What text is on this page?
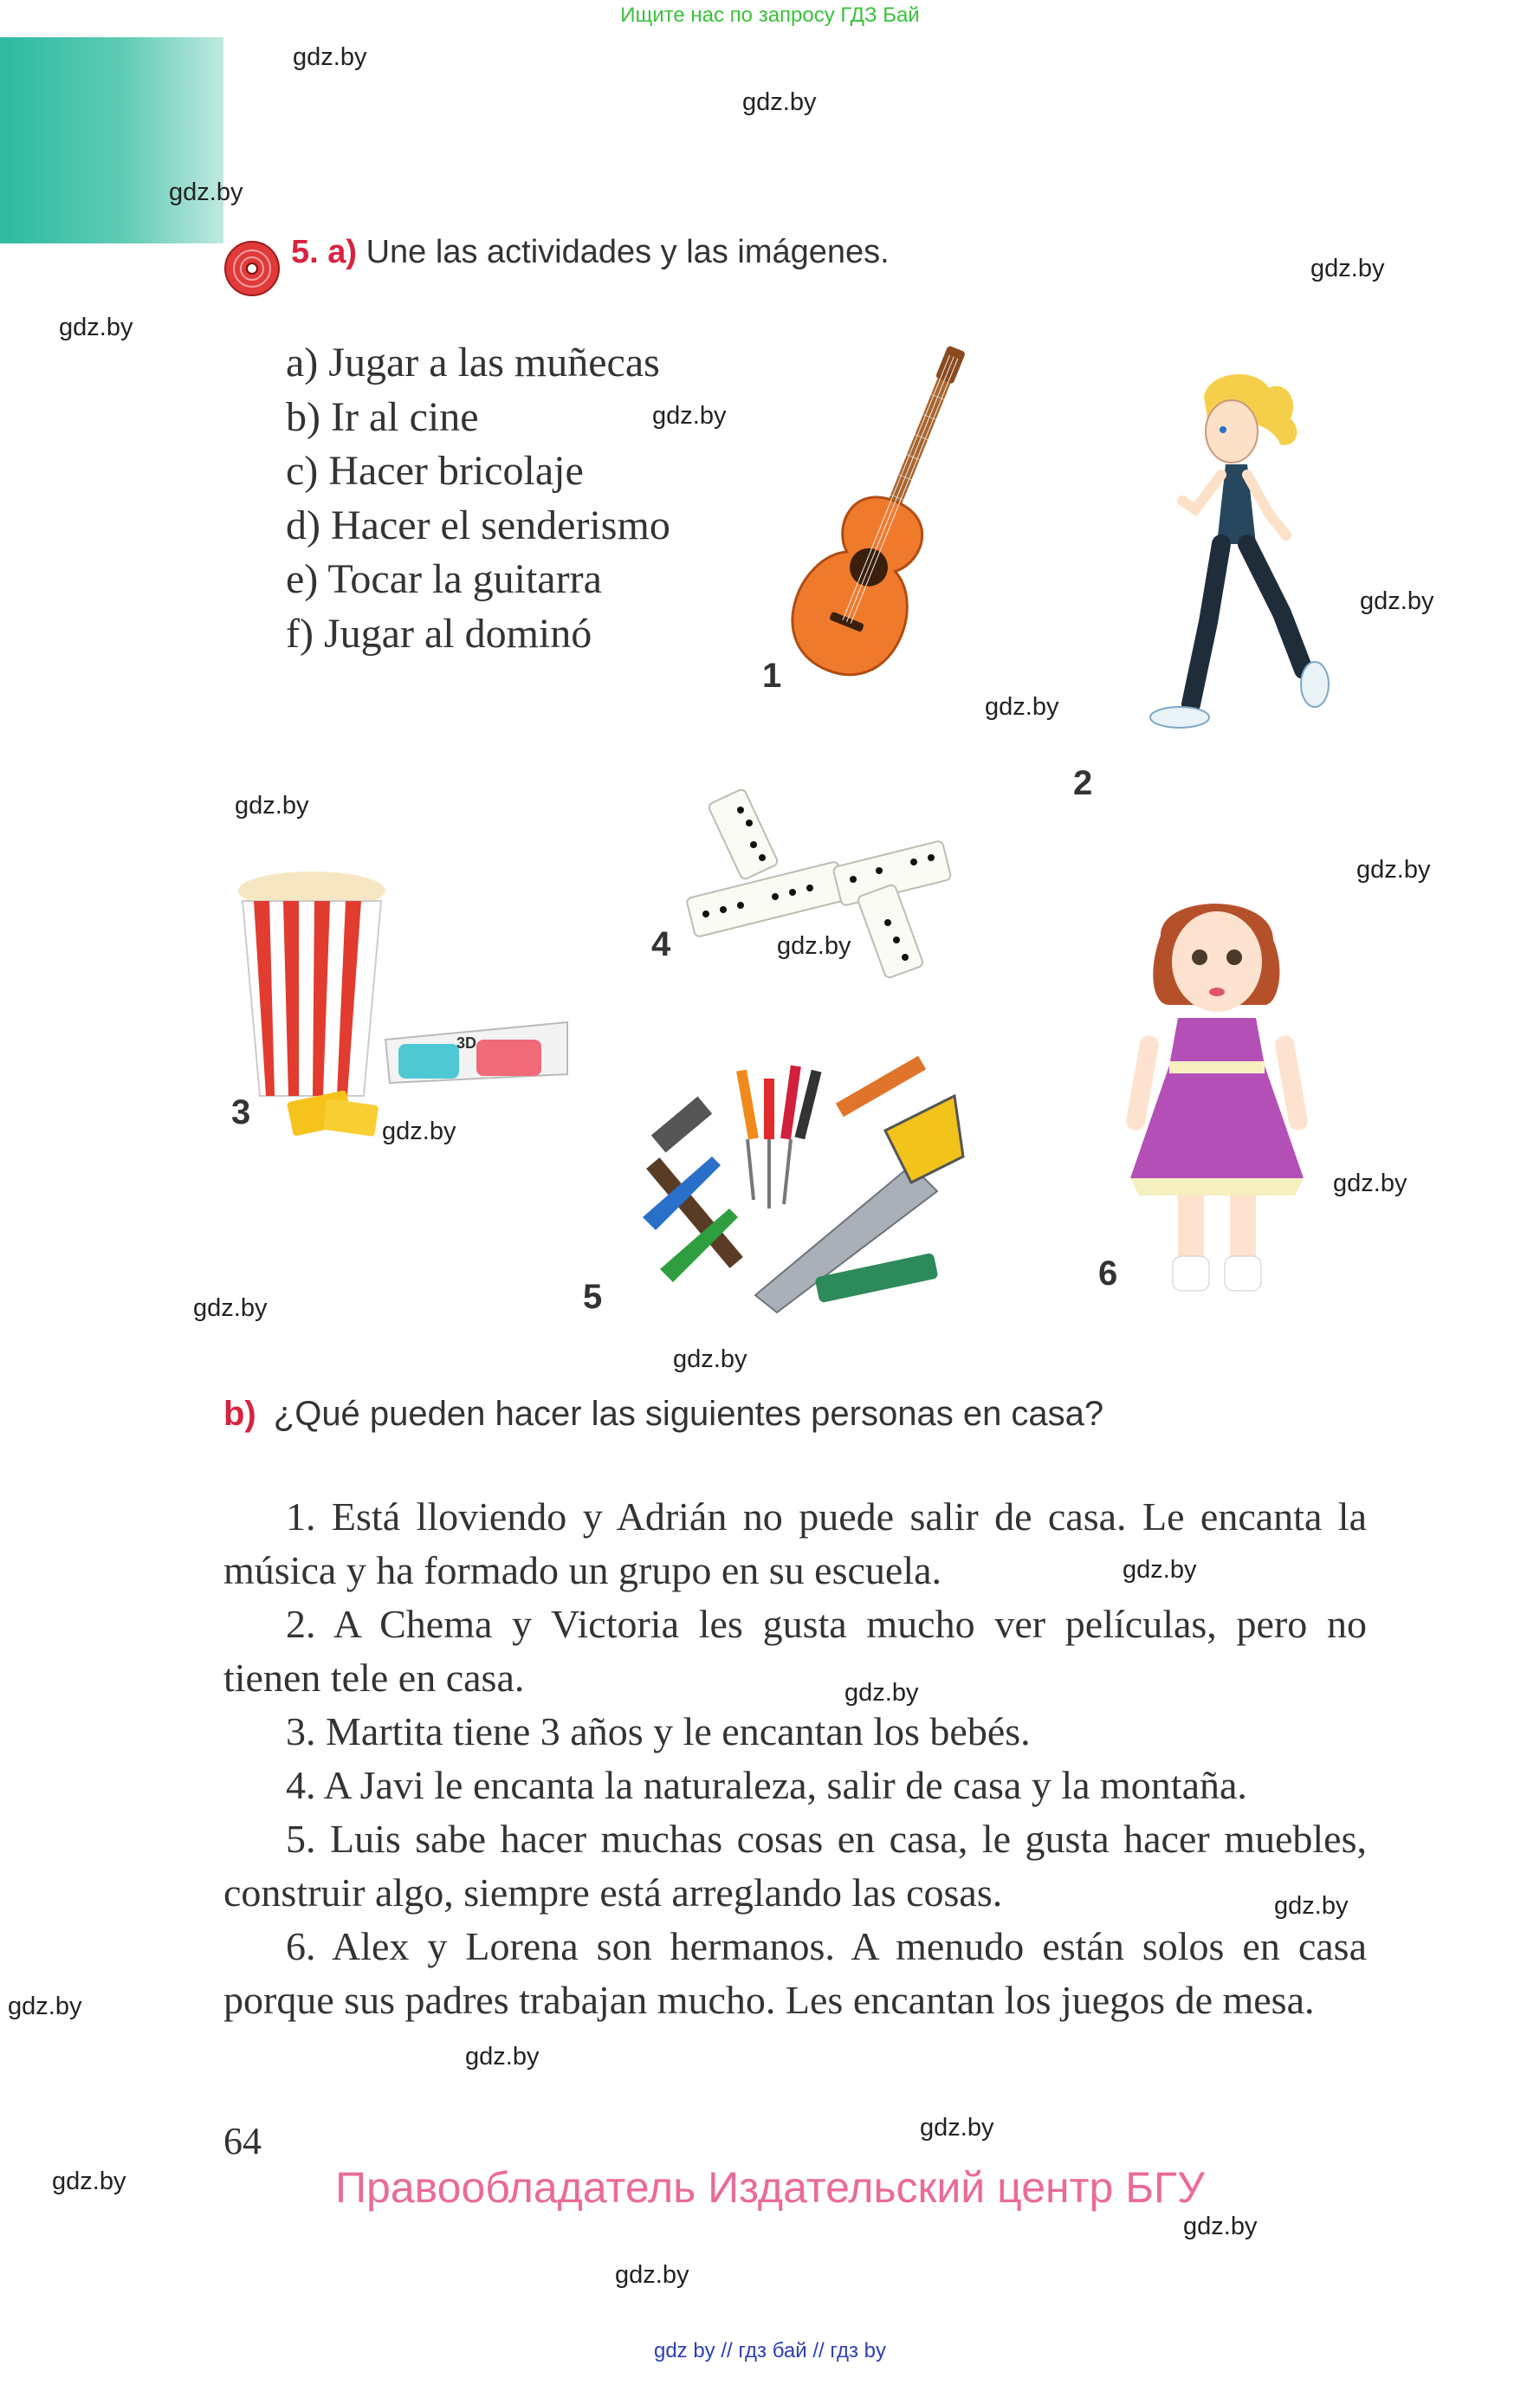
Ищите нас по запросу ГДЗ Бай
5. a) Une las actividades y las imágenes.
a) Jugar a las muñecas
b) Ir al cine
c) Hacer bricolaje
d) Hacer el senderismo
e) Tocar la guitarra
f) Jugar al dominó
1
2
3D
3
4
5
6
b) ¿Qué pueden hacer las siguientes personas en casa?

1. Está lloviendo y Adrián no puede salir de casa. Le encanta la música y ha formado un grupo en su escuela.

2. A Chema y Victoria les gusta mucho ver películas, pero no tienen tele en casa.

3. Martita tiene 3 años y le encantan los bebés.

4. A Javi le encanta la naturaleza, salir de casa y la montaña.

5. Luis sabe hacer muchas cosas en casa, le gusta hacer muebles, construir algo, siempre está arreglando las cosas.

6. Alex y Lorena son hermanos. A menudo están solos en casa porque sus padres trabajan mucho. Les encantan los juegos de mesa.

64
Правообладатель Издательский центр БГУ
gdz by // гдз бай // гдз by
gdz.by
gdz.by
gdz.by
gdz.by
gdz.by
gdz.by
gdz.by
gdz.by
gdz.by
gdz.by
gdz.by
gdz.by
gdz.by
gdz.by
gdz.by
gdz.by
gdz.by
gdz.by
gdz.by
gdz.by
gdz.by
gdz.by
gdz.by
gdz.by
